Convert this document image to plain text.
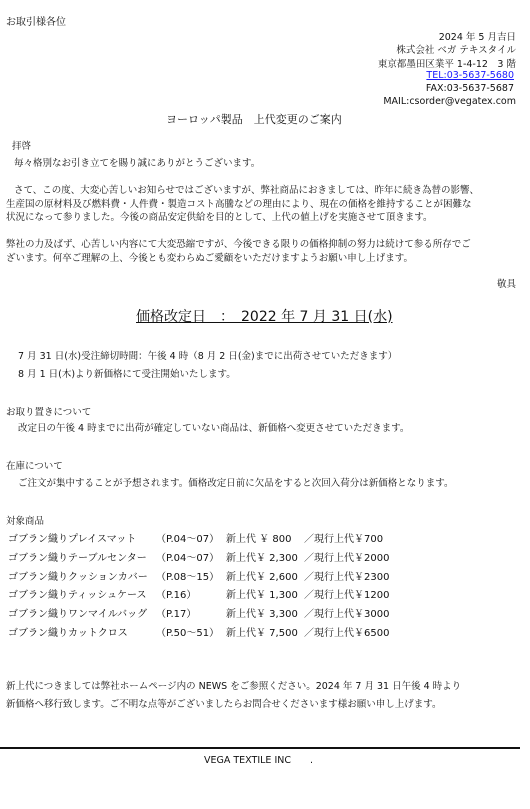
お取引様各位
2024 年 5 月吉日
株式会社 ベガ テキスタイル
東京都墨田区業平 1-4-12　3 階
TEL:03-5637-5680
FAX:03-5637-5687
MAIL:csorder@vegatex.com
ヨーロッパ製品　上代変更のご案内
拝啓
毎々格別なお引き立てを賜り誠にありがとうございます。
さて、この度、大変心苦しいお知らせではございますが、弊社商品におきましては、昨年に続き為替の影響、
生産国の原材料及び燃料費・人件費・製造コスト高騰などの理由により、現在の価格を維持することが困難な
状況になって参りました。今後の商品安定供給を目的として、上代の値上げを実施させて頂きます。
弊社の力及ばず、心苦しい内容にて大変恐縮ですが、今後できる限りの価格抑制の努力は続けて参る所存でご
ざいます。何卒ご理解の上、今後とも変わらぬご愛顧をいただけますようお願い申し上げます。
敬具
価格改定日　：　2022 年 7 月 31 日(水)
7 月 31 日(水)受注締切時間：午後 4 時（8 月 2 日(金)までに出荷させていただきます）
8 月 1 日(木)より新価格にて受注開始いたします。
お取り置きについて
改定日の午後 4 時までに出荷が確定していない商品は、新価格へ変更させていただきます。
在庫について
ご注文が集中することが予想されます。価格改定日前に欠品をすると次回入荷分は新価格となります。
対象商品
ゴブラン織りプレイスマット （P.04～07） 新上代 ￥ 800 ／現行上代￥700
ゴブラン織りテーブルセンター （P.04～07） 新上代￥ 2,300 ／現行上代￥2000
ゴブラン織りクッションカバー （P.08～15） 新上代￥ 2,600 ／現行上代￥2300
ゴブラン織りティッシュケース （P.16）	新上代￥ 1,300 ／現行上代￥1200
ゴブラン織りワンマイルバッグ （P.17）	新上代￥ 3,300 ／現行上代￥3000
ゴブラン織りカットクロス	（P.50～51） 新上代￥ 7,500 ／現行上代￥6500
新上代につきましては弊社ホームページ内の NEWS をご参照ください。2024 年 7 月 31 日午後 4 時より
新価格へ移行致します。ご不明な点等がございましたらお問合せくださいます様お願い申し上げます。
VEGA TEXTILE INC　　.
